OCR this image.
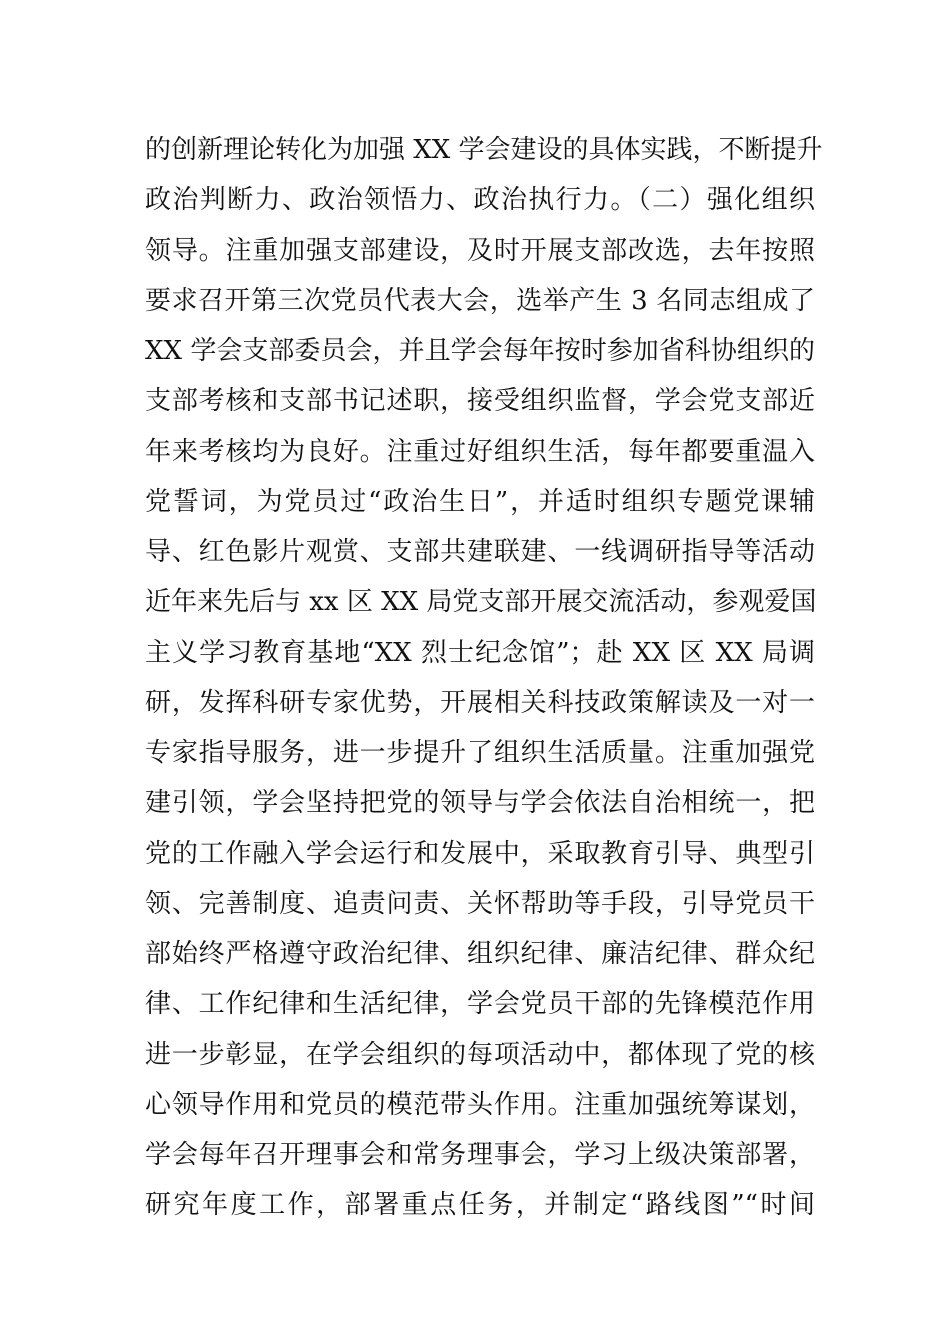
的创新理论转化为加强 XX 学会建设的具体实践，不断提升
政治判断力、政治领悟力、政治执行力。（二）强化组织
领导。注重加强支部建设，及时开展支部改选，去年按照
要求召开第三次党员代表大会，选举产生 3 名同志组成了
XX 学会支部委员会，并且学会每年按时参加省科协组织的
支部考核和支部书记述职，接受组织监督，学会党支部近
年来考核均为良好。注重过好组织生活，每年都要重温入
党誓词，为党员过“政治生日”，并适时组织专题党课辅
导、红色影片观赏、支部共建联建、一线调研指导等活动
近年来先后与 xx 区 XX 局党支部开展交流活动，参观爱国
主义学习教育基地“XX 烈士纪念馆”；赴 XX 区 XX 局调
研，发挥科研专家优势，开展相关科技政策解读及一对一
专家指导服务，进一步提升了组织生活质量。注重加强党
建引领，学会坚持把党的领导与学会依法自治相统一，把
党的工作融入学会运行和发展中，采取教育引导、典型引
领、完善制度、追责问责、关怀帮助等手段，引导党员干
部始终严格遵守政治纪律、组织纪律、廉洁纪律、群众纪
律、工作纪律和生活纪律，学会党员干部的先锋模范作用
进一步彰显，在学会组织的每项活动中，都体现了党的核
心领导作用和党员的模范带头作用。注重加强统筹谋划，
学会每年召开理事会和常务理事会，学习上级决策部署，
研究年度工作，部署重点任务，并制定“路线图”“时间
